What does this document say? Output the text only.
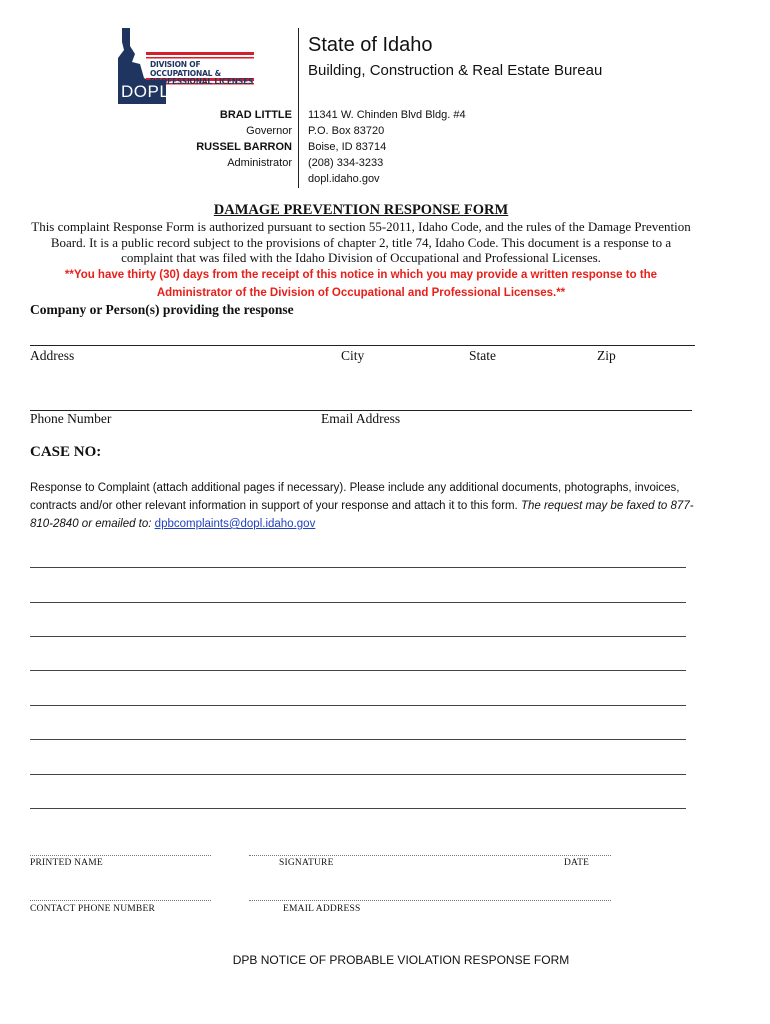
DIVISION OF OCCUPATIONAL &
PROFESSIONAL LICENSES
DOPL
State of Idaho
Building, Construction & Real Estate Bureau
BRAD LITTLE
Governor
RUSSEL BARRON
Administrator
11341 W. Chinden Blvd Bldg. #4
P.O. Box 83720
Boise, ID 83714
(208) 334-3233
dopl.idaho.gov
DAMAGE PREVENTION RESPONSE FORM
This complaint Response Form is authorized pursuant to section 55-2011, Idaho Code, and the rules of the Damage Prevention Board. It is a public record subject to the provisions of chapter 2, title 74, Idaho Code. This document is a response to a complaint that was filed with the Idaho Division of Occupational and Professional Licenses.
**You have thirty (30) days from the receipt of this notice in which you may provide a written response to the Administrator of the Division of Occupational and Professional Licenses.**
Company or Person(s) providing the response
Address	City	State	Zip
Phone Number	Email Address
CASE NO:
Response to Complaint (attach additional pages if necessary). Please include any additional documents, photographs, invoices, contracts and/or other relevant information in support of your response and attach it to this form. The request may be faxed to 877-810-2840 or emailed to: dpbcomplaints@dopl.idaho.gov
PRINTED NAME	SIGNATURE	DATE
CONTACT PHONE NUMBER	EMAIL ADDRESS
DPB NOTICE OF PROBABLE VIOLATION RESPONSE FORM
